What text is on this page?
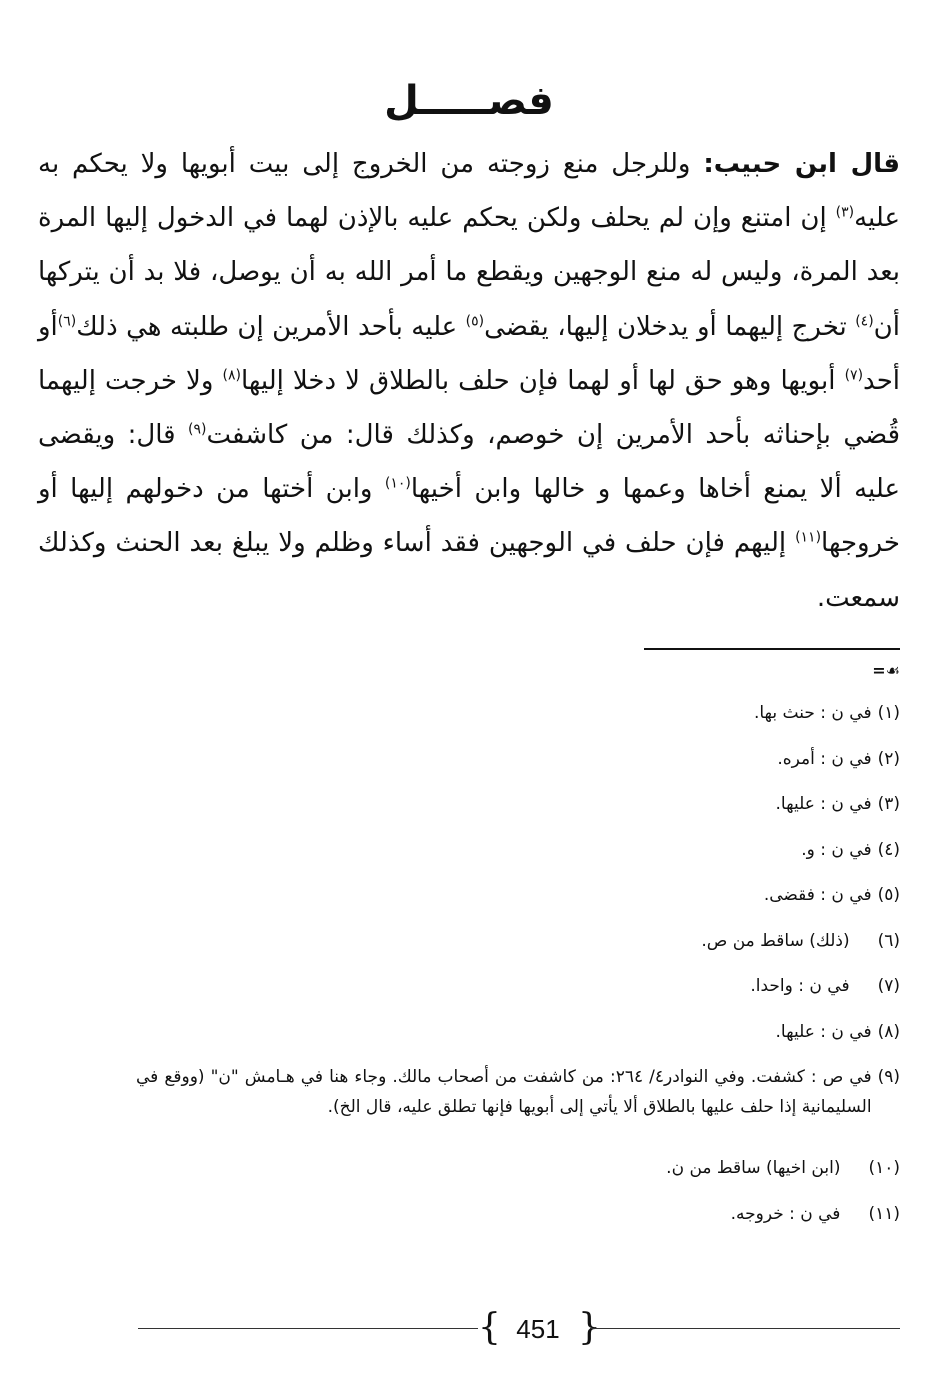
فصـــــل

قال ابن حبيب: وللرجل منع زوجته من الخروج إلى بيت أبويها ولا يحكم به عليه$^{(٣)}$ إن امتنع وإن لم يحلف ولكن يحكم عليه بالإذن لهما في الدخول إليها المرة بعد المرة، وليس له منع الوجهين ويقطع ما أمر الله به أن يوصل، فلا بد أن يتركها أن$^{(٤)}$ تخرج إليهما أو يدخلان إليها، يقضى$^{(٥)}$ عليه بأحد الأمرين إن طلبته هي ذلك$^{(٦)}$أو أحد$^{(٧)}$ أبويها وهو حق لها أو لهما فإن حلف بالطلاق لا دخلا إليها$^{(٨)}$ ولا خرجت إليهما قُضي بإحناثه بأحد الأمرين إن خوصم، وكذلك قال: من كاشفت$^{(٩)}$ قال: ويقضى عليه ألا يمنع أخاها وعمها و خالها وابن أخيها$^{(١٠)}$ وابن أختها من دخولهم إليها أو خروجها$^{(١١)}$ إليهم فإن حلف في الوجهين فقد أساء وظلم ولا يبلغ بعد الحنث وكذلك سمعت.

=☙
(١)
في ن : حنث بها.
(٢)
في ن : أمره.
(٣)
في ن : عليها.
(٤)
في ن : و.
(٥)
في ن : فقضى.
(٦)
(ذلك) ساقط من ص.
(٧)
في ن : واحدا.
(٨)
في ن : عليها.
(٩)
في ص : كشفت. وفي النوادر٤/ ٢٦٤: من كاشفت من أصحاب مالك. وجاء هنا في هـامش "ن" (ووقع في السليمانية إذا حلف عليها بالطلاق ألا يأتي إلى أبويها فإنها تطلق عليه، قال الخ).
(١٠)
(ابن اخيها) ساقط من ن.
(١١)
في ن : خروجه.
{ 451 }
